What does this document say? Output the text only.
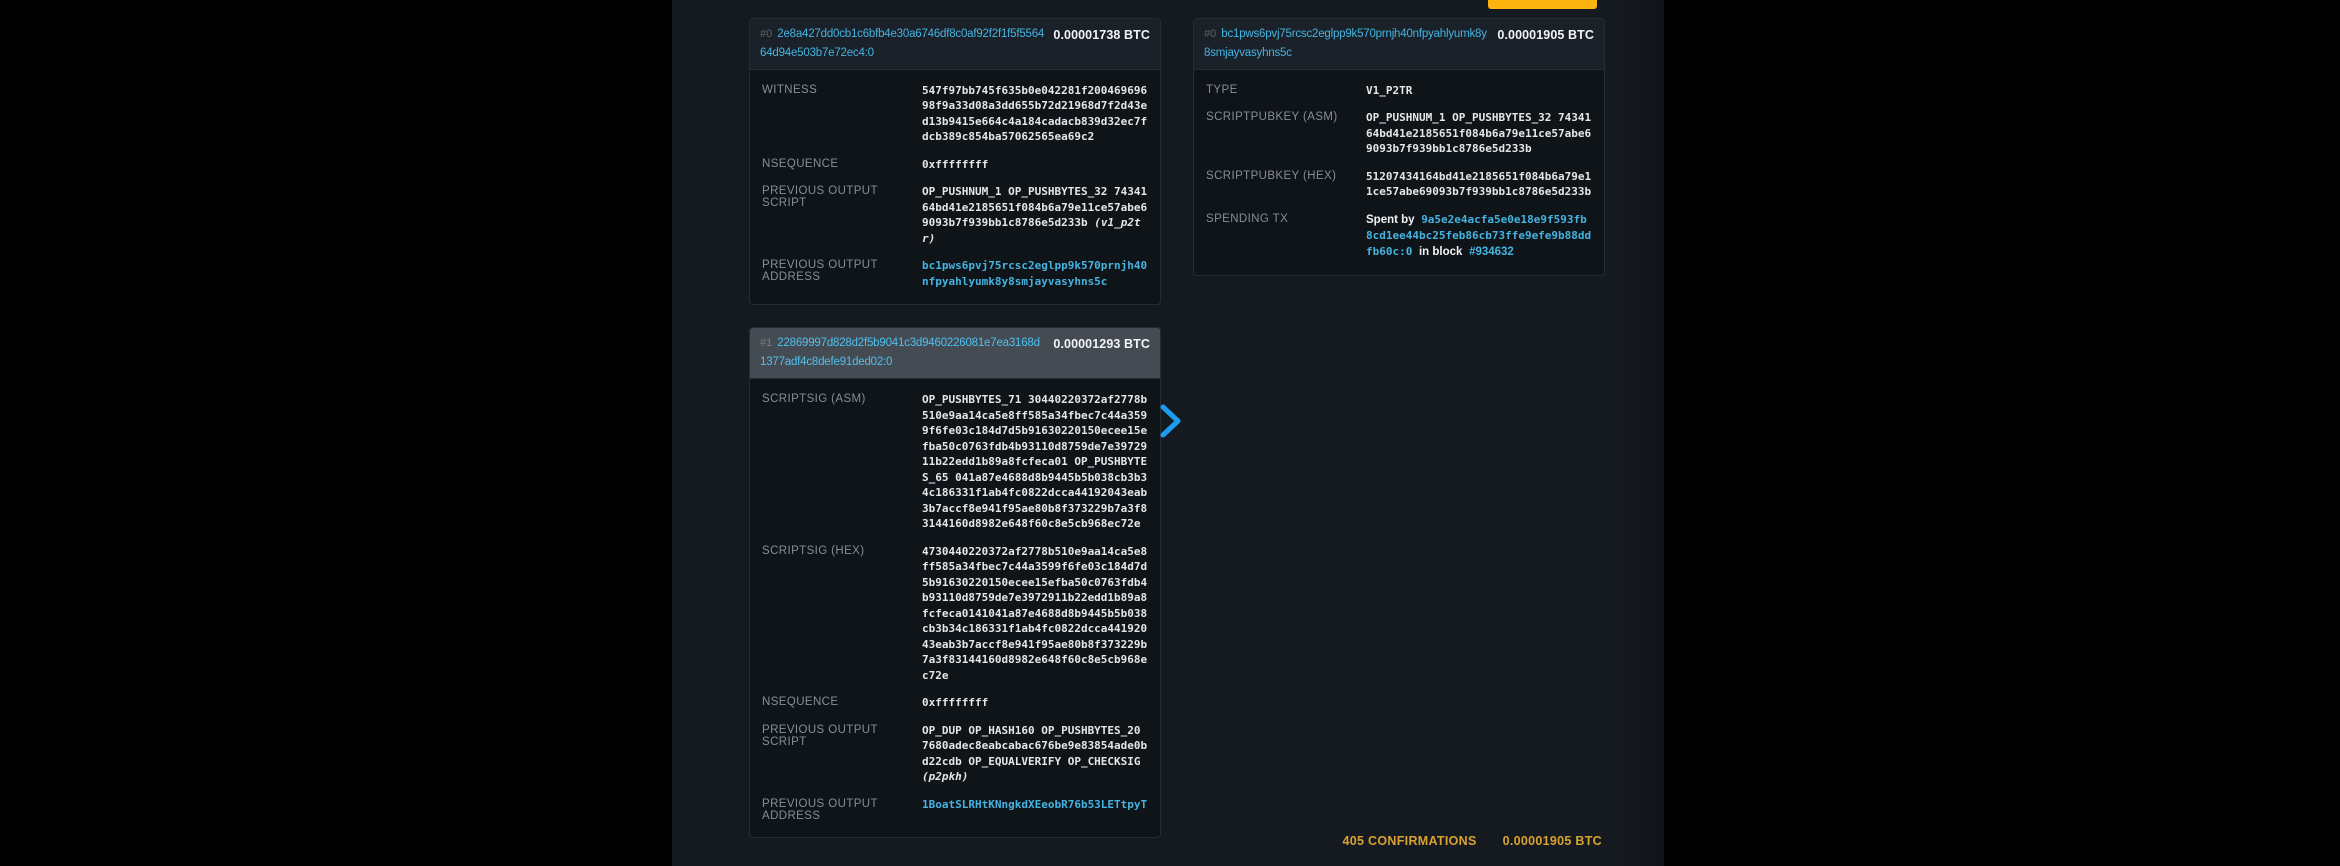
0.00001738 BTC
#0 2e8a427dd0cb1c6bfb4e30a6746df8c0af92f2f1f5f556464d94e503b7e72ec4:0
WITNESS	547f97bb745f635b0e042281f20046969698f9a33d08a3dd655b72d21968d7f2d43ed13b9415e664c4a184cadacb839d32ec7fdcb389c854ba57062565ea69c2
NSEQUENCE	0xffffffff
PREVIOUS OUTPUT SCRIPT
OP_PUSHNUM_1 OP_PUSHBYTES_32 7434164bd41e2185651f084b6a79e11ce57abe69093b7f939bb1c8786e5d233b (v1_p2tr)
PREVIOUS OUTPUT ADDRESS
bc1pws6pvj75rcsc2eglpp9k570prnjh40nfpyahlyumk8y8smjayvasyhns5c
0.00001293 BTC
#1 22869997d828d2f5b9041c3d9460226081e7ea3168d1377adf4c8defe91ded02:0
SCRIPTSIG (ASM)	OP_PUSHBYTES_71 30440220372af2778b510e9aa14ca5e8ff585a34fbec7c44a3599f6fe03c184d7d5b91630220150ecee15efba50c0763fdb4b93110d8759de7e3972911b22edd1b89a8fcfeca01 OP_PUSHBYTES_65 041a87e4688d8b9445b5b038cb3b34c186331f1ab4fc0822dcca44192043eab3b7accf8e941f95ae80b8f373229b7a3f83144160d8982e648f60c8e5cb968ec72e
SCRIPTSIG (HEX)	4730440220372af2778b510e9aa14ca5e8ff585a34fbec7c44a3599f6fe03c184d7d5b91630220150ecee15efba50c0763fdb4b93110d8759de7e3972911b22edd1b89a8fcfeca0141041a87e4688d8b9445b5b038cb3b34c186331f1ab4fc0822dcca44192043eab3b7accf8e941f95ae80b8f373229b7a3f83144160d8982e648f60c8e5cb968ec72e
NSEQUENCE	0xffffffff
PREVIOUS OUTPUT SCRIPT
OP_DUP OP_HASH160 OP_PUSHBYTES_20 7680adec8eabcabac676be9e83854ade0bd22cdb OP_EQUALVERIFY OP_CHECKSIG (p2pkh)
PREVIOUS OUTPUT ADDRESS
1BoatSLRHtKNngkdXEeobR76b53LETtpyT
0.00001905 BTC
#0 bc1pws6pvj75rcsc2eglpp9k570prnjh40nfpyahlyumk8y8smjayvasyhns5c
TYPE	V1_P2TR
SCRIPTPUBKEY (ASM)	OP_PUSHNUM_1 OP_PUSHBYTES_32 7434164bd41e2185651f084b6a79e11ce57abe69093b7f939bb1c8786e5d233b
SCRIPTPUBKEY (HEX)	51207434164bd41e2185651f084b6a79e11ce57abe69093b7f939bb1c8786e5d233b
SPENDING TX	Spent by 9a5e2e4acfa5e0e18e9f593fb8cd1ee44bc25feb86cb73ffe9efe9b88ddfb60c:0 in block #934632
405 CONFIRMATIONS 0.00001905 BTC
